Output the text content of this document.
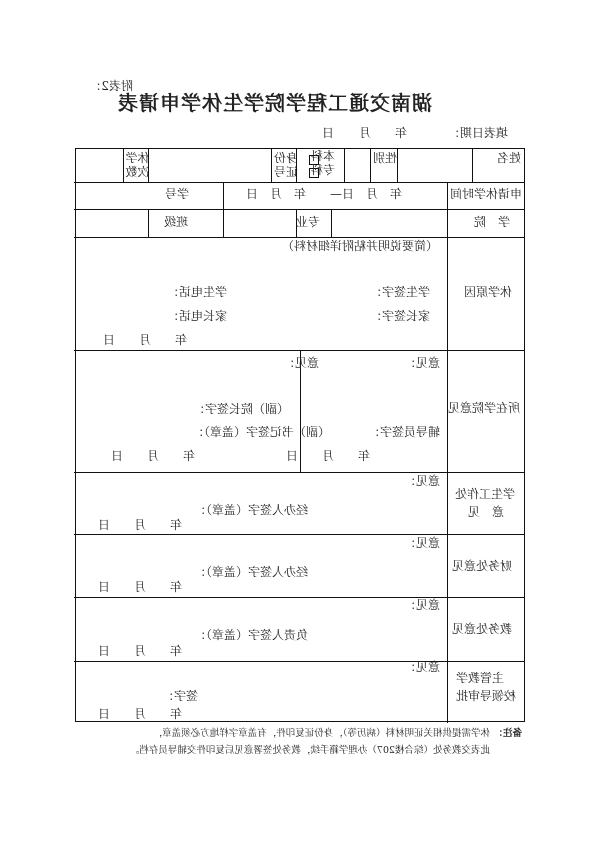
附表2：
湖南交通工程学院学生休学申请表
填表日期：
年
月
日
姓名
性别
本科
专科
身份证号
休学次数
申请休学时间
年　月　日—　　年　月　日
学号
学　院
专业
班级
休学原因
（简要说明并粘附详细材料）
学生签字：
学生电话：
家长签字：
家长电话：
年　　月　　日
所在学院意见
意见：
辅导员签字：
年　　月　　日
意见：
（副）院长签字：
（副）书记签字（盖章）：
年　　月　　日
学生工作处
意　见
意见：
经办人签字（盖章）：
年　　月　　日
财务处意见
意见：
经办人签字（盖章）：
年　　月　　日
教务处意见
意见：
负责人签字（盖章）：
年　　月　　日
主管教学
校领导审批
意见：
签字：
年　　月　　日
备注：
休学需提供相关证明材料（病历等），身份证复印件，有盖章字样地方必须盖章，
此表交教务处（综合楼207）办理学籍手续，教务处签署意见后复印件交辅导员存档。
